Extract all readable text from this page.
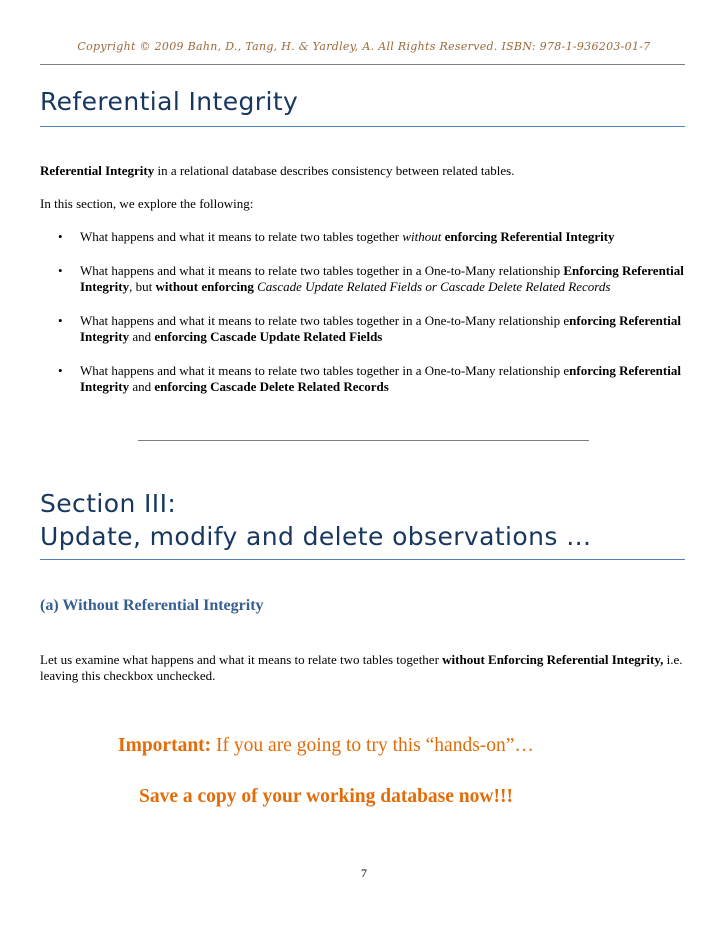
Copyright © 2009 Bahn, D., Tang, H. & Yardley, A. All Rights Reserved. ISBN: 978-1-936203-01-7
Referential Integrity

Referential Integrity in a relational database describes consistency between related tables.

In this section, we explore the following:

• What happens and what it means to relate two tables together without enforcing Referential Integrity
• What happens and what it means to relate two tables together in a One-to-Many relationship Enforcing Referential Integrity, but without enforcing Cascade Update Related Fields or Cascade Delete Related Records
• What happens and what it means to relate two tables together in a One-to-Many relationship enforcing Referential Integrity and enforcing Cascade Update Related Fields
• What happens and what it means to relate two tables together in a One-to-Many relationship enforcing Referential Integrity and enforcing Cascade Delete Related Records
Section III:
Update, modify and delete observations …
(a) Without Referential Integrity

Let us examine what happens and what it means to relate two tables together without Enforcing Referential Integrity, i.e. leaving this checkbox unchecked.

Important: If you are going to try this “hands-on”…
Save a copy of your working database now!!!
7
